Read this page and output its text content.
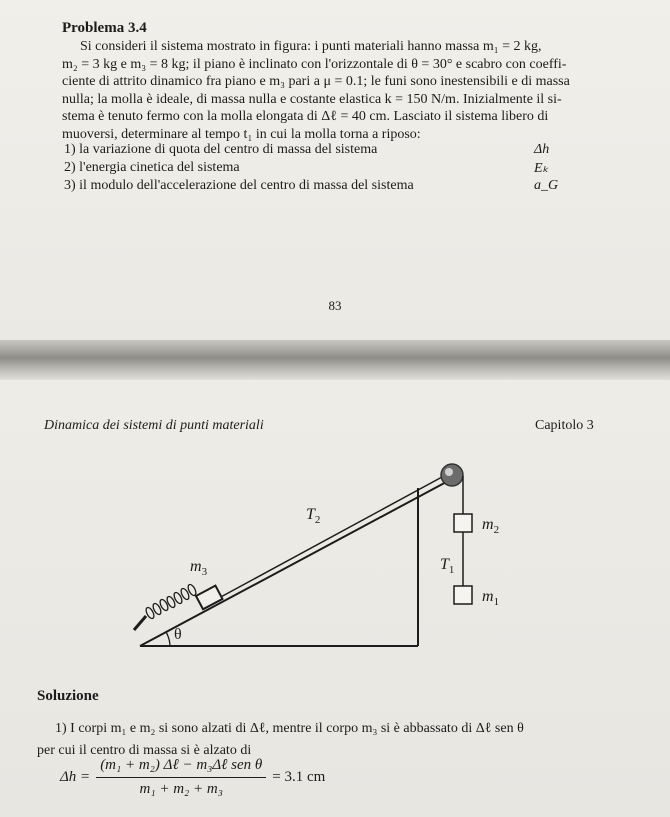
Problema 3.4
Si consideri il sistema mostrato in figura: i punti materiali hanno massa m₁ = 2 kg,
m₂ = 3 kg e m₃ = 8 kg; il piano è inclinato con l'orizzontale di θ = 30° e scabro con coeffi-
ciente di attrito dinamico fra piano e m₃ pari a μ = 0.1; le funi sono inestensibili e di massa
nulla; la molla è ideale, di massa nulla e costante elastica k = 150 N/m. Inizialmente il si-
stema è tenuto fermo con la molla elongata di Δℓ = 40 cm. Lasciato il sistema libero di
muoversi, determinare al tempo t₁ in cui la molla torna a riposo:
1) la variazione di quota del centro di massa del sistema	Δh
2) l'energia cinetica del sistema	Eₖ
3) il modulo dell'accelerazione del centro di massa del sistema	a_G
83
Dinamica dei sistemi di punti materiali	Capitolo 3
$T_2$	$m_2$
$m_3$	$T_1$
$m_1$
θ
Soluzione
1) I corpi m₁ e m₂ si sono alzati di Δℓ, mentre il corpo m₃ si è abbassato di Δℓ sen θ
per cui il centro di massa si è alzato di
$\Delta h = \frac{\text{(m₁ + m₂) Δℓ − m₃Δℓ sen θ}}{\text{m₁ + m₂ + m₃}} = 3.1$ cm
